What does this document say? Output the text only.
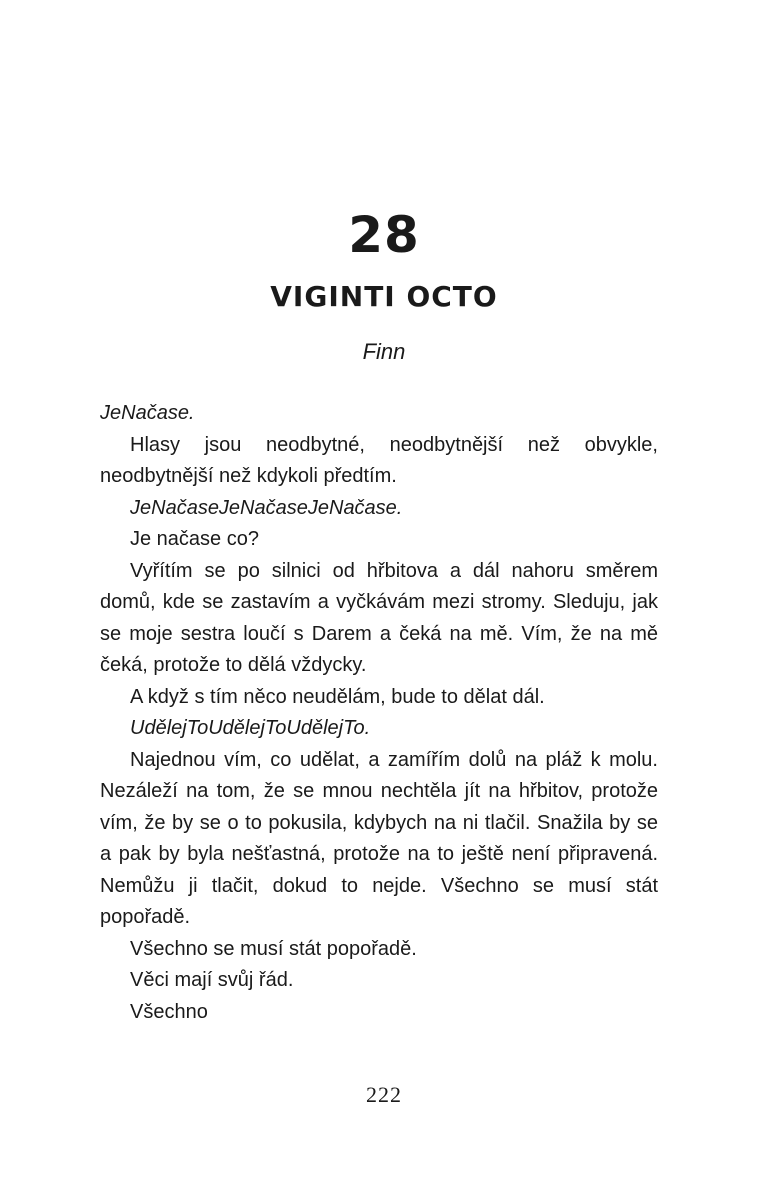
28
VIGINTI OCTO
Finn

JeNačase.

Hlasy jsou neodbytné, neodbytnější než obvykle, neodbytnější než kdykoli předtím.

JeNačaseJeNačaseJeNačase.

Je načase co?

Vyřítím se po silnici od hřbitova a dál nahoru směrem domů, kde se zastavím a vyčkávám mezi stromy. Sleduju, jak se moje sestra loučí s Darem a čeká na mě. Vím, že na mě čeká, protože to dělá vždycky.

A když s tím něco neudělám, bude to dělat dál.

UdělejToUdělejToUdělejTo.

Najednou vím, co udělat, a zamířím dolů na pláž k molu. Nezáleží na tom, že se mnou nechtěla jít na hřbitov, protože vím, že by se o to pokusila, kdybych na ni tlačil. Snažila by se a pak by byla nešťastná, protože na to ještě není připravená. Nemůžu ji tlačit, dokud to nejde. Všechno se musí stát popořadě.

Všechno se musí stát popořadě.

Věci mají svůj řád.

Všechno

222
